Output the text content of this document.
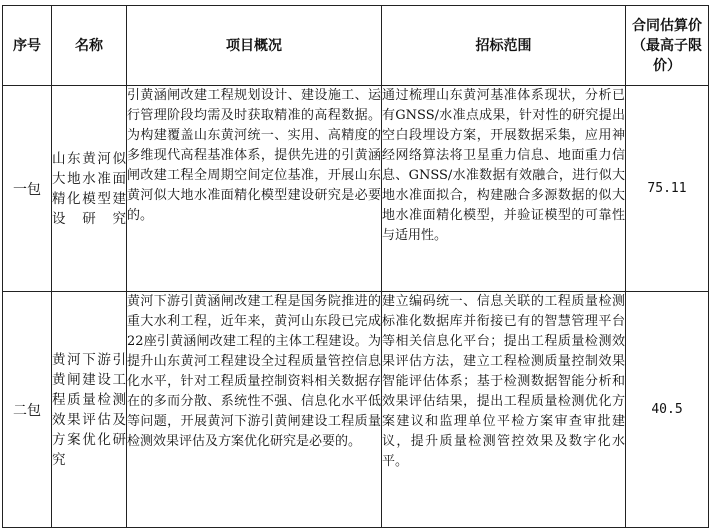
序号	名称	项目概况	招标范围	合同估算价（最高子限价）
一包	山东黄河似大地水准面精化模型建设研究	引黄涵闸改建工程规划设计、建设施工、运行管理阶段均需及时获取精准的高程数据。为构建覆盖山东黄河统一、实用、高精度的多维现代高程基准体系，提供先进的引黄涵闸改建工程全周期空间定位基准，开展山东黄河似大地水准面精化模型建设研究是必要的。	通过梳理山东黄河基准体系现状，分析已有GNSS/水准点成果，针对性的研究提出空白段埋设方案，开展数据采集，应用神经网络算法将卫星重力信息、地面重力信息、GNSS/水准数据有效融合，进行似大地水准面拟合，构建融合多源数据的似大地水准面精化模型，并验证模型的可靠性与适用性。	75.11
二包	黄河下游引黄闸建设工程质量检测效果评估及方案优化研究	黄河下游引黄涵闸改建工程是国务院推进的重大水利工程，近年来，黄河山东段已完成22座引黄涵闸改建工程的主体工程建设。为提升山东黄河工程建设全过程质量管控信息化水平，针对工程质量控制资料相关数据存在的多而分散、系统性不强、信息化水平低等问题，开展黄河下游引黄闸建设工程质量检测效果评估及方案优化研究是必要的。	建立编码统一、信息关联的工程质量检测标准化数据库并衔接已有的智慧管理平台等相关信息化平台；提出工程质量检测效果评估方法，建立工程检测质量控制效果智能评估体系；基于检测数据智能分析和效果评估结果，提出工程质量检测优化方案建议和监理单位平检方案审查审批建议，提升质量检测管控效果及数字化水平。	40.5
